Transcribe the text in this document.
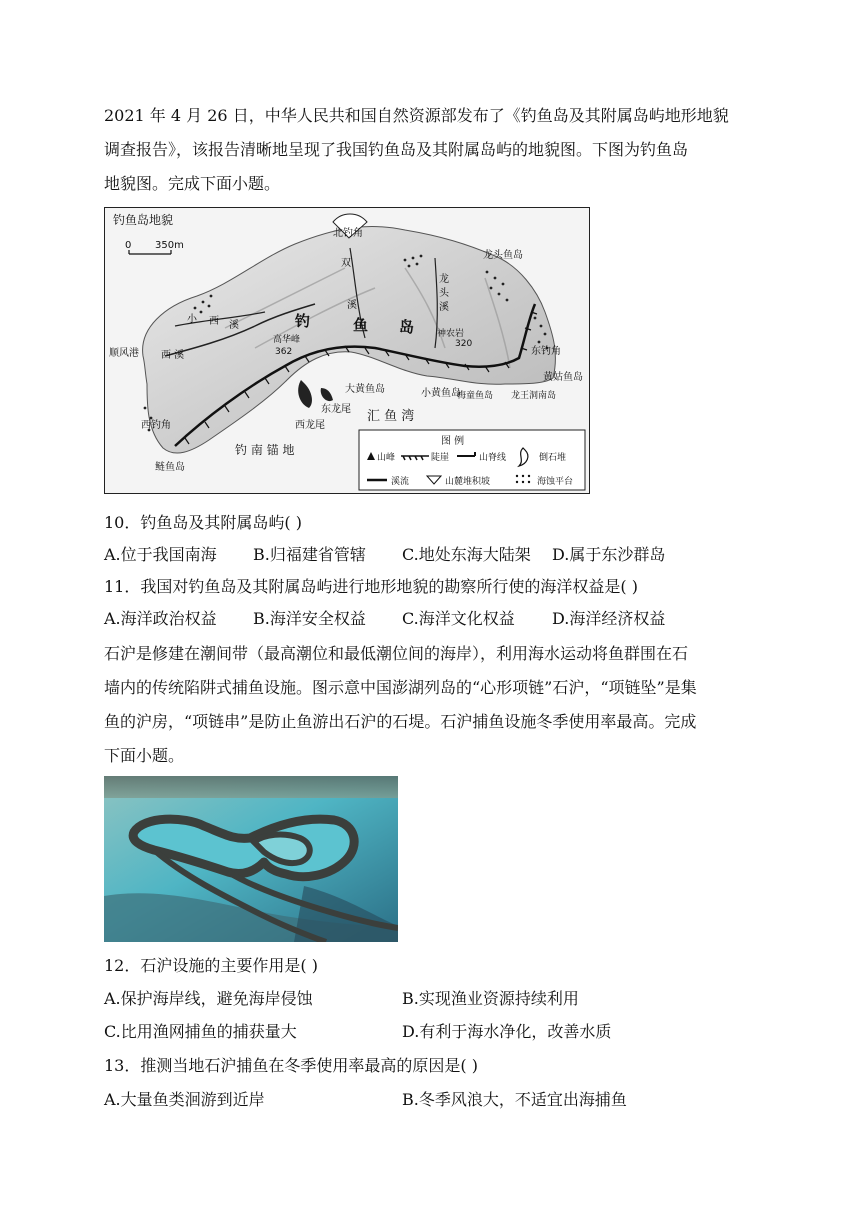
2021 年 4 月 26 日，中华人民共和国自然资源部发布了《钓鱼岛及其附属岛屿地形地貌
调查报告》，该报告清晰地呈现了我国钓鱼岛及其附属岛屿的地貌图。下图为钓鱼岛
地貌图。完成下面小题。
钓鱼岛地貌
0 350m
北钓角
龙头鱼岛
双
溪
龙
头
溪
小 西 溪	钓	鱼 岛
顺风港 西 溪
高华峰
362
神农岩
320
东钓角
大黄鱼岛	小黄鱼岛
黄姑鱼岛
梅童鱼岛 龙王洞南岛
东龙尾
西龙尾
汇 鱼 湾
西钓角
鲢鱼岛
钓 南 锚 地
图 例
山峰	陡崖	山脊线	倒石堆
溪流	山麓堆积坡	海蚀平台
10．钓鱼岛及其附属岛屿( )
A.位于我国南海 B.归福建省管辖 C.地处东海大陆架 D.属于东沙群岛
11．我国对钓鱼岛及其附属岛屿进行地形地貌的勘察所行使的海洋权益是( )
A.海洋政治权益 B.海洋安全权益 C.海洋文化权益 D.海洋经济权益
石沪是修建在潮间带（最高潮位和最低潮位间的海岸），利用海水运动将鱼群围在石
墙内的传统陷阱式捕鱼设施。图示意中国澎湖列岛的“心形项链”石沪，“项链坠”是集
鱼的沪房，“项链串”是防止鱼游出石沪的石堤。石沪捕鱼设施冬季使用率最高。完成
下面小题。
12．石沪设施的主要作用是( )
A.保护海岸线，避免海岸侵蚀	B.实现渔业资源持续利用
C.比用渔网捕鱼的捕获量大	D.有利于海水净化，改善水质
13．推测当地石沪捕鱼在冬季使用率最高的原因是( )
A.大量鱼类洄游到近岸	B.冬季风浪大，不适宜出海捕鱼
